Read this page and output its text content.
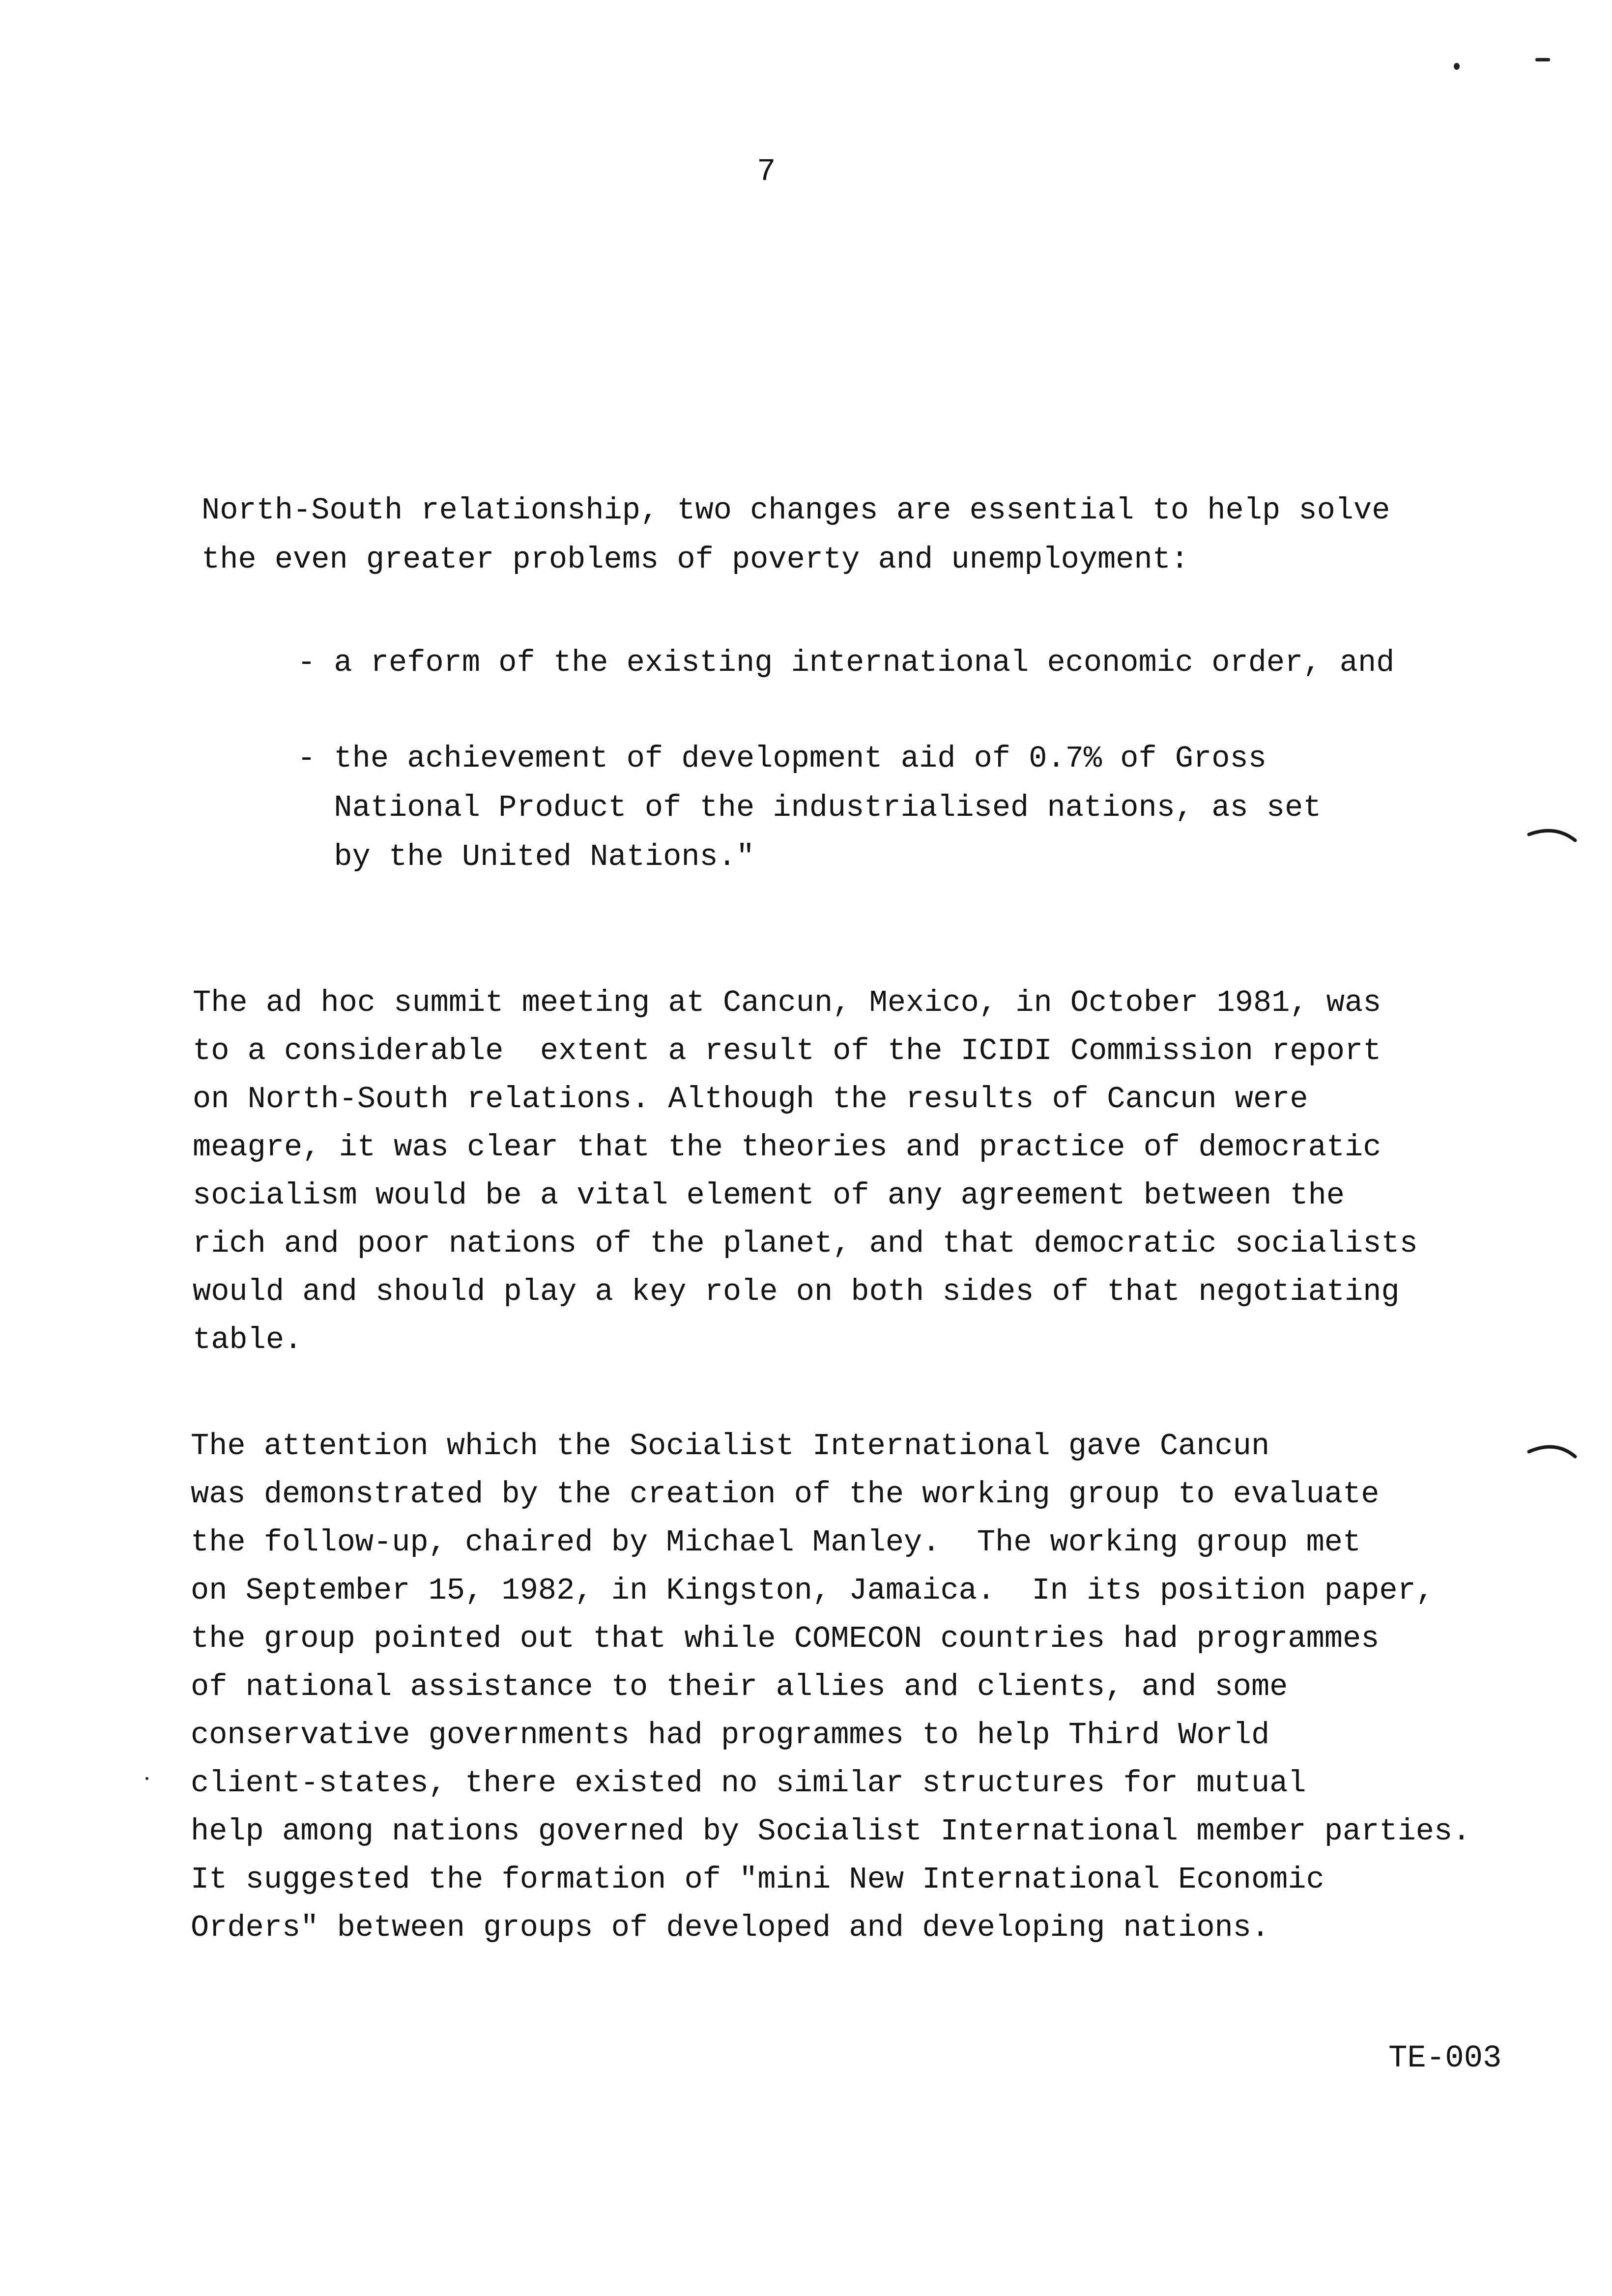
7
North-South relationship, two changes are essential to help solve
the even greater problems of poverty and unemployment:
- a reform of the existing international economic order, and
- the achievement of development aid of 0.7% of Gross
National Product of the industrialised nations, as set
by the United Nations."
The ad hoc summit meeting at Cancun, Mexico, in October 1981, was
to a considerable  extent a result of the ICIDI Commission report
on North-South relations. Although the results of Cancun were
meagre, it was clear that the theories and practice of democratic
socialism would be a vital element of any agreement between the
rich and poor nations of the planet, and that democratic socialists
would and should play a key role on both sides of that negotiating
table.
The attention which the Socialist International gave Cancun
was demonstrated by the creation of the working group to evaluate
the follow-up, chaired by Michael Manley.  The working group met
on September 15, 1982, in Kingston, Jamaica.  In its position paper,
the group pointed out that while COMECON countries had programmes
of national assistance to their allies and clients, and some
conservative governments had programmes to help Third World
client-states, there existed no similar structures for mutual
help among nations governed by Socialist International member parties.
It suggested the formation of "mini New International Economic
Orders" between groups of developed and developing nations.
TE-003
